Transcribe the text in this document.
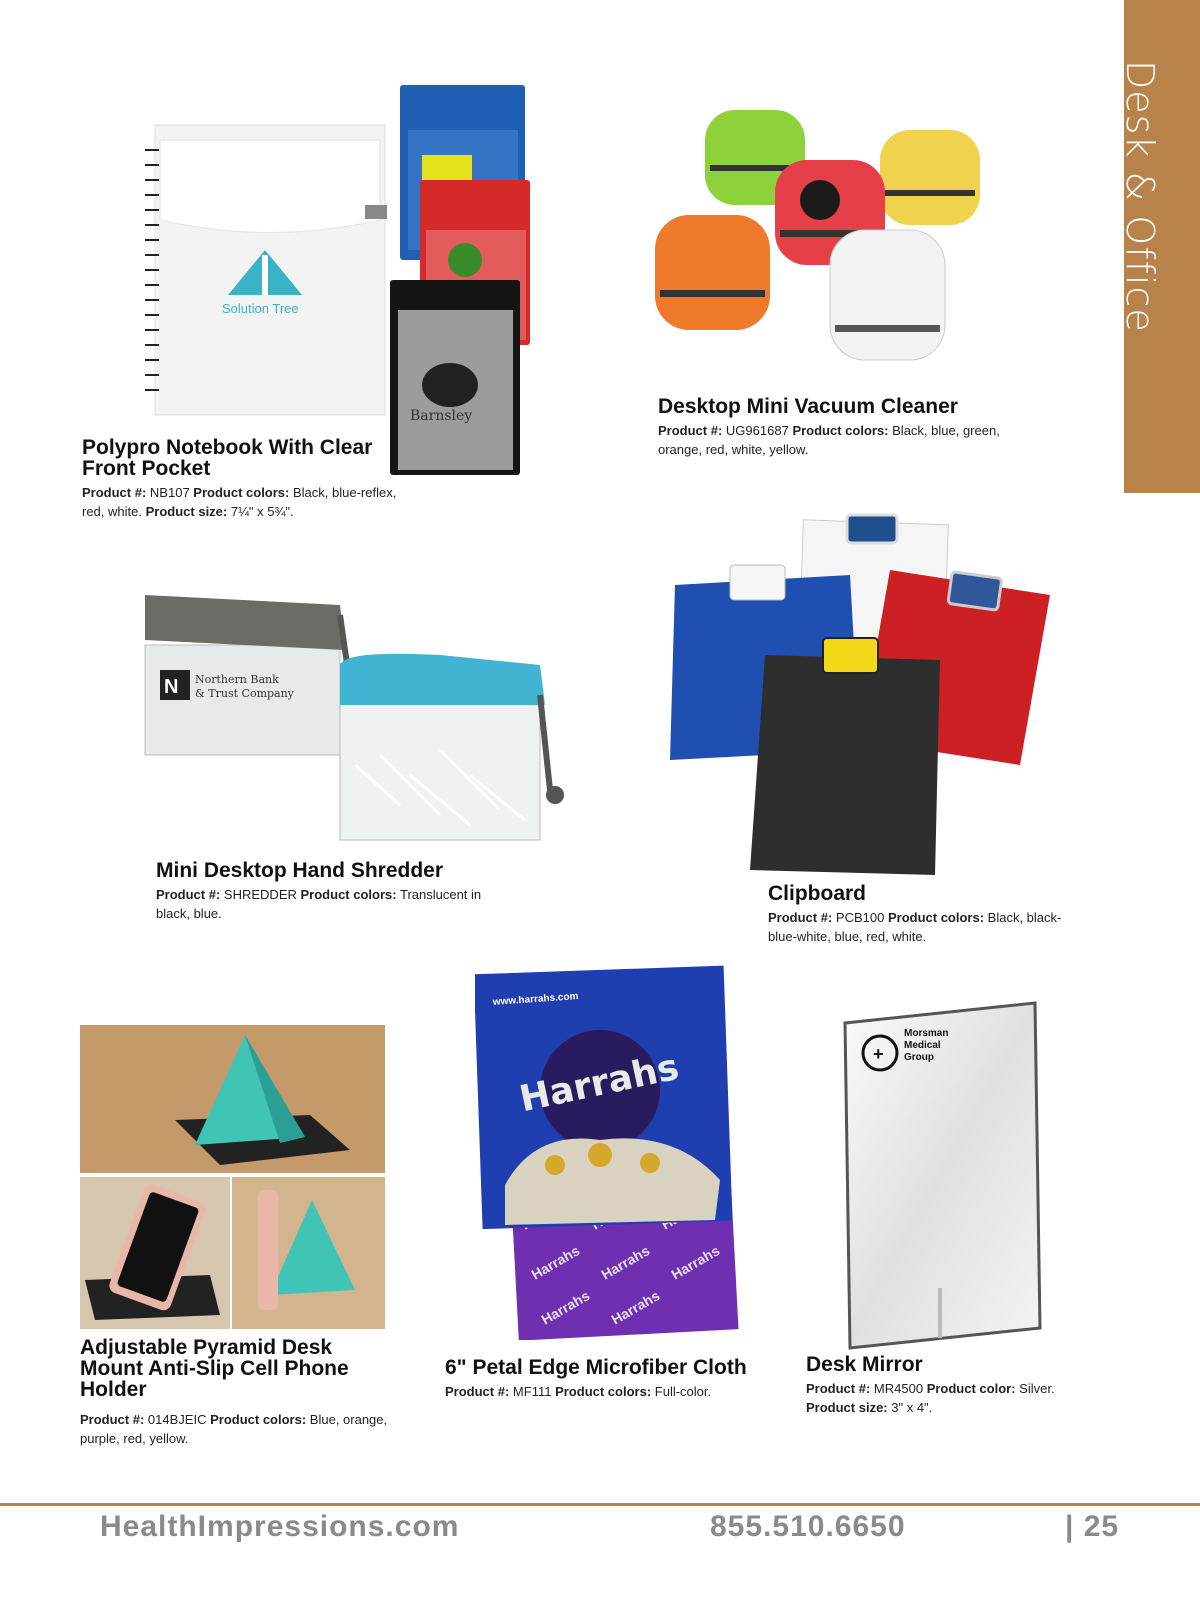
Desk & Office
Barnsley
Solution Tree
Polypro Notebook With Clear
Front Pocket
Product #: NB107 Product colors: Black, blue-reflex, red, white. Product size: 7¼" x 5¾".
Desktop Mini Vacuum Cleaner
Product #: UG961687 Product colors: Black, blue, green, orange, red, white, yellow.
N Northern Bank
& Trust Company
Mini Desktop Hand Shredder
Product #: SHREDDER Product colors: Translucent in black, blue.
Clipboard
Product #: PCB100 Product colors: Black, black-blue-white, blue, red, white.
Adjustable Pyramid Desk
Mount Anti-Slip Cell Phone
Holder
Product #: 014BJEIC Product colors: Blue, orange, purple, red, yellow.
Harrahs Harrahs Harrahs
Harrahs Harrahs
www.harrahs.com
Harrahs
6" Petal Edge Microfiber Cloth
Product #: MF111 Product colors: Full-color.
+
Morsman
Medical
Group
Desk Mirror
Product #: MR4500 Product color: Silver.
Product size: 3" x 4".
HealthImpressions.com	855.510.6650	| 25
